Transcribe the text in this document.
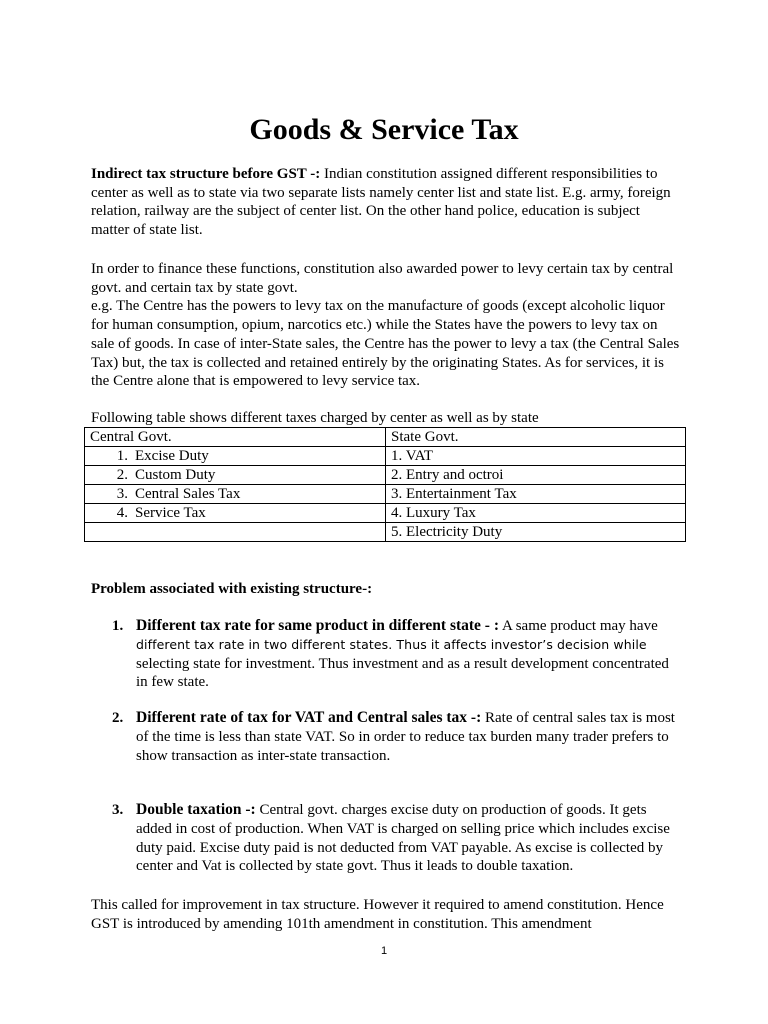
Goods & Service Tax
Indirect tax structure before GST -: Indian constitution assigned different responsibilities to center as well as to state via two separate lists namely center list and state list. E.g. army, foreign relation, railway are the subject of center list. On the other hand police, education is subject matter of state list.
In order to finance these functions, constitution also awarded power to levy certain tax by central govt. and certain tax by state govt.
e.g. The Centre has the powers to levy tax on the manufacture of goods (except alcoholic liquor for human consumption, opium, narcotics etc.) while the States have the powers to levy tax on sale of goods. In case of inter-State sales, the Centre has the power to levy a tax (the Central Sales Tax) but, the tax is collected and retained entirely by the originating States. As for services, it is the Centre alone that is empowered to levy service tax.
Following table shows different taxes charged by center as well as by state
Central Govt.	State Govt.
1. Excise Duty	1. VAT
2. Custom Duty	2. Entry and octroi
3. Central Sales Tax	3. Entertainment Tax
4. Service Tax	4. Luxury Tax
	5. Electricity Duty
Problem associated with existing structure-:
1. Different tax rate for same product in different state - : A same product may have
different tax rate in two different states. Thus it affects investor’s decision while
selecting state for investment. Thus investment and as a result development concentrated in few state.
2. Different rate of tax for VAT and Central sales tax -: Rate of central sales tax is most of the time is less than state VAT. So in order to reduce tax burden many trader prefers to show transaction as inter-state transaction.
3. Double taxation -: Central govt. charges excise duty on production of goods. It gets added in cost of production. When VAT is charged on selling price which includes excise duty paid. Excise duty paid is not deducted from VAT payable. As excise is collected by center and Vat is collected by state govt. Thus it leads to double taxation.
This called for improvement in tax structure. However it required to amend constitution. Hence GST is introduced by amending 101th amendment in constitution. This amendment
1
